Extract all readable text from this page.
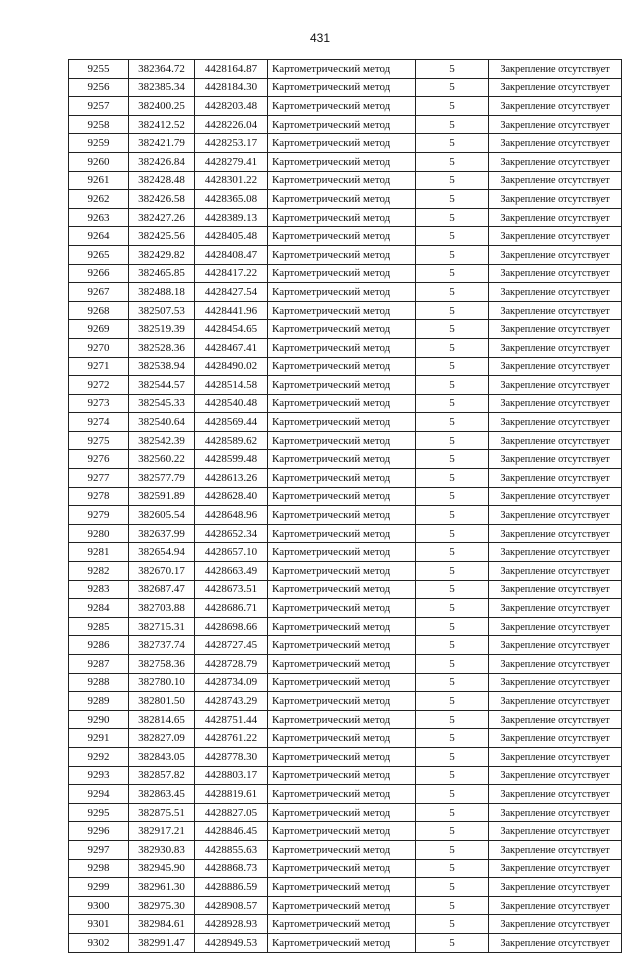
431
9255	382364.72	4428164.87	Картометрический метод	5	Закрепление отсутствует
9256	382385.34	4428184.30	Картометрический метод	5	Закрепление отсутствует
9257	382400.25	4428203.48	Картометрический метод	5	Закрепление отсутствует
9258	382412.52	4428226.04	Картометрический метод	5	Закрепление отсутствует
9259	382421.79	4428253.17	Картометрический метод	5	Закрепление отсутствует
9260	382426.84	4428279.41	Картометрический метод	5	Закрепление отсутствует
9261	382428.48	4428301.22	Картометрический метод	5	Закрепление отсутствует
9262	382426.58	4428365.08	Картометрический метод	5	Закрепление отсутствует
9263	382427.26	4428389.13	Картометрический метод	5	Закрепление отсутствует
9264	382425.56	4428405.48	Картометрический метод	5	Закрепление отсутствует
9265	382429.82	4428408.47	Картометрический метод	5	Закрепление отсутствует
9266	382465.85	4428417.22	Картометрический метод	5	Закрепление отсутствует
9267	382488.18	4428427.54	Картометрический метод	5	Закрепление отсутствует
9268	382507.53	4428441.96	Картометрический метод	5	Закрепление отсутствует
9269	382519.39	4428454.65	Картометрический метод	5	Закрепление отсутствует
9270	382528.36	4428467.41	Картометрический метод	5	Закрепление отсутствует
9271	382538.94	4428490.02	Картометрический метод	5	Закрепление отсутствует
9272	382544.57	4428514.58	Картометрический метод	5	Закрепление отсутствует
9273	382545.33	4428540.48	Картометрический метод	5	Закрепление отсутствует
9274	382540.64	4428569.44	Картометрический метод	5	Закрепление отсутствует
9275	382542.39	4428589.62	Картометрический метод	5	Закрепление отсутствует
9276	382560.22	4428599.48	Картометрический метод	5	Закрепление отсутствует
9277	382577.79	4428613.26	Картометрический метод	5	Закрепление отсутствует
9278	382591.89	4428628.40	Картометрический метод	5	Закрепление отсутствует
9279	382605.54	4428648.96	Картометрический метод	5	Закрепление отсутствует
9280	382637.99	4428652.34	Картометрический метод	5	Закрепление отсутствует
9281	382654.94	4428657.10	Картометрический метод	5	Закрепление отсутствует
9282	382670.17	4428663.49	Картометрический метод	5	Закрепление отсутствует
9283	382687.47	4428673.51	Картометрический метод	5	Закрепление отсутствует
9284	382703.88	4428686.71	Картометрический метод	5	Закрепление отсутствует
9285	382715.31	4428698.66	Картометрический метод	5	Закрепление отсутствует
9286	382737.74	4428727.45	Картометрический метод	5	Закрепление отсутствует
9287	382758.36	4428728.79	Картометрический метод	5	Закрепление отсутствует
9288	382780.10	4428734.09	Картометрический метод	5	Закрепление отсутствует
9289	382801.50	4428743.29	Картометрический метод	5	Закрепление отсутствует
9290	382814.65	4428751.44	Картометрический метод	5	Закрепление отсутствует
9291	382827.09	4428761.22	Картометрический метод	5	Закрепление отсутствует
9292	382843.05	4428778.30	Картометрический метод	5	Закрепление отсутствует
9293	382857.82	4428803.17	Картометрический метод	5	Закрепление отсутствует
9294	382863.45	4428819.61	Картометрический метод	5	Закрепление отсутствует
9295	382875.51	4428827.05	Картометрический метод	5	Закрепление отсутствует
9296	382917.21	4428846.45	Картометрический метод	5	Закрепление отсутствует
9297	382930.83	4428855.63	Картометрический метод	5	Закрепление отсутствует
9298	382945.90	4428868.73	Картометрический метод	5	Закрепление отсутствует
9299	382961.30	4428886.59	Картометрический метод	5	Закрепление отсутствует
9300	382975.30	4428908.57	Картометрический метод	5	Закрепление отсутствует
9301	382984.61	4428928.93	Картометрический метод	5	Закрепление отсутствует
9302	382991.47	4428949.53	Картометрический метод	5	Закрепление отсутствует
